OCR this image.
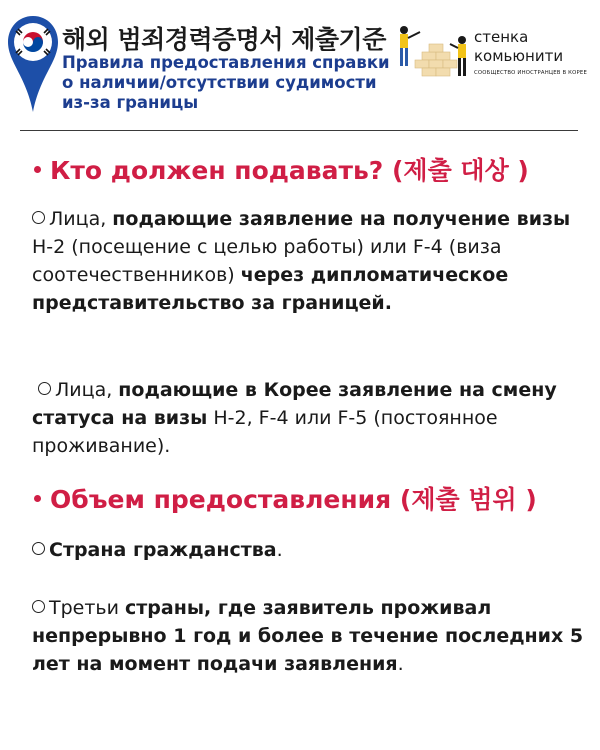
해외 범죄경력증명서 제출기준
Правила предоставления справки о наличии/отсутствии судимости из-за границы
стенка
комьюнити
СООБЩЕСТВО ИНОСТРАНЦЕВ В КОРЕЕ
Кто должен подавать? (제출 대상 )
Лица, подающие заявление на получение визы H-2 (посещение с целью работы) или F-4 (виза соотечественников) через дипломатическое представительство за границей.
Лица, подающие в Корее заявление на смену статуса на визы H-2, F-4 или F-5 (постоянное проживание).
Объем предоставления (제출 범위 )
Страна гражданства.
Третьи страны, где заявитель проживал непрерывно 1 год и более в течение последних 5 лет на момент подачи заявления.
